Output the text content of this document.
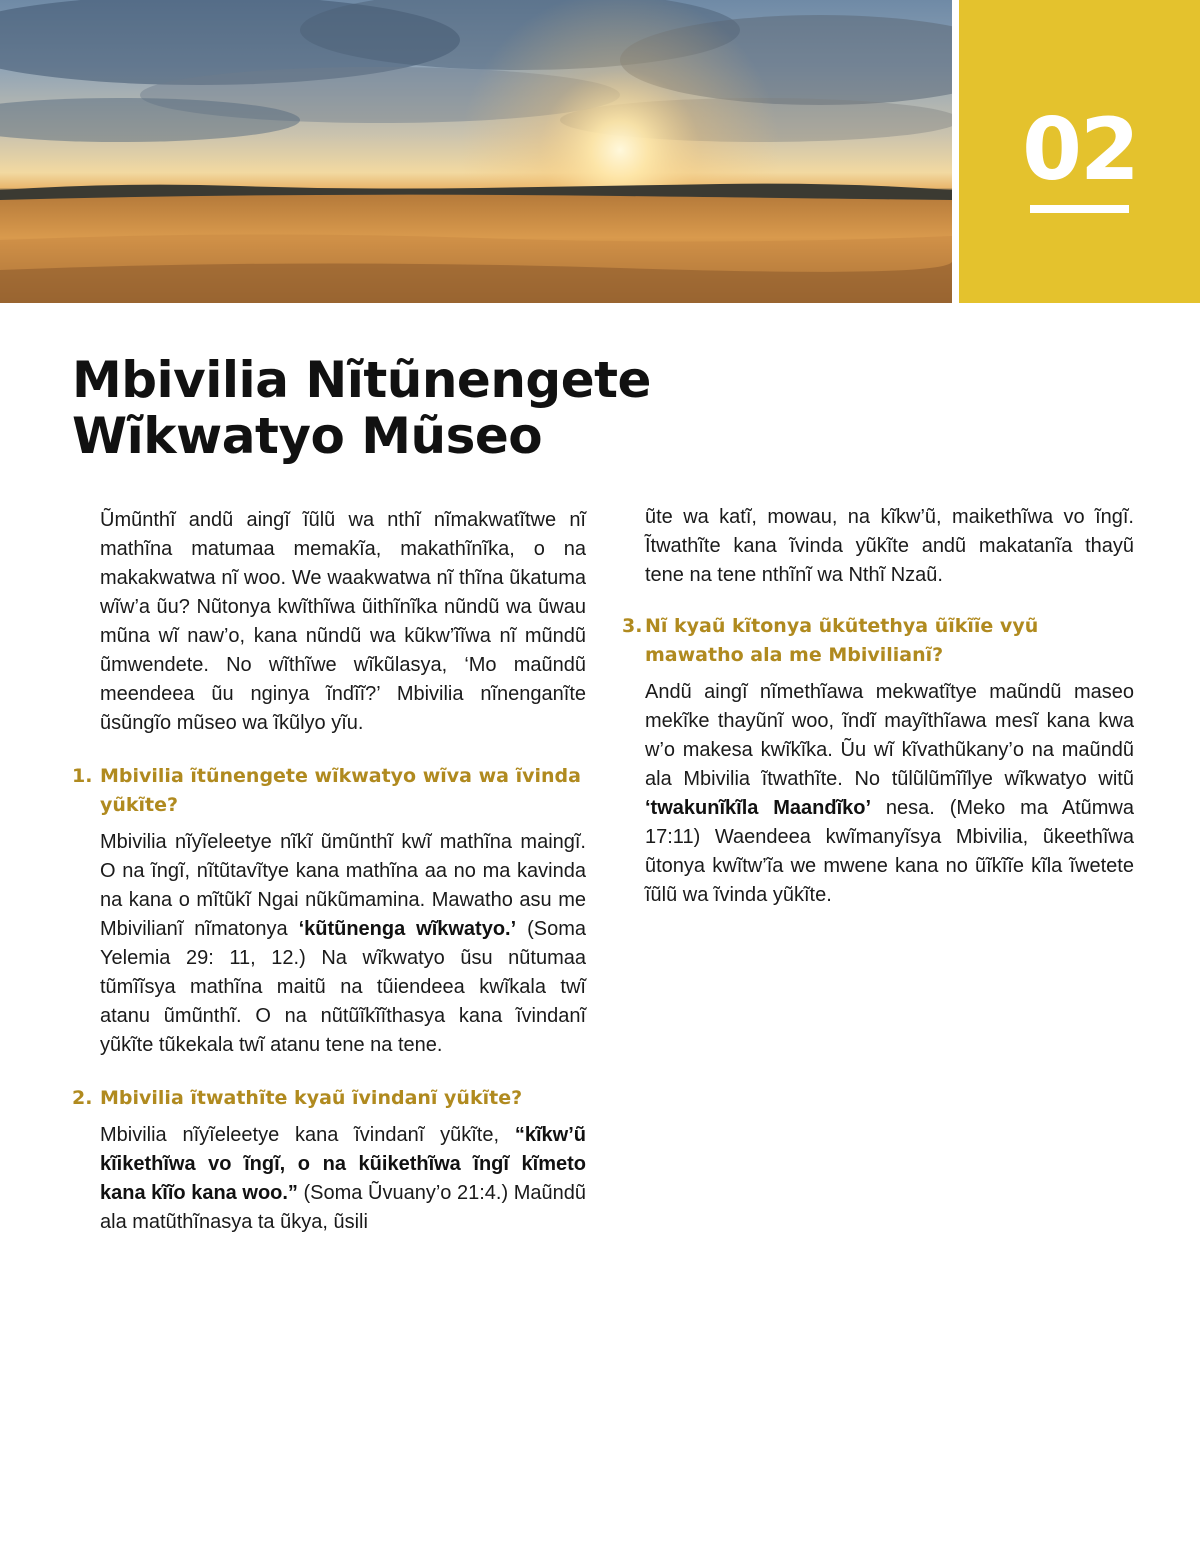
02
Mbivilia Nĩtũnengete
Wĩkwatyo Mũseo

Ũmũnthĩ andũ aingĩ ĩũlũ wa nthĩ nĩmakwatĩtwe nĩ mathĩna matumaa memakĩa, makathĩnĩka, o na makakwatwa nĩ woo. We waakwatwa nĩ thĩna ũkatuma wĩw’a ũu? Nũtonya kwĩthĩwa ũithĩnĩka nũndũ wa ũwau mũna wĩ naw’o, kana nũndũ wa kũkw’ĩĩwa nĩ mũndũ ũmwendete. No wĩthĩwe wĩkũlasya, ‘Mo maũndũ meendeea ũu nginya ĩndĩĩ?’ Mbivilia nĩnenganĩte ũsũngĩo mũseo wa ĩkũlyo yĩu.

1. Mbivilia ĩtũnengete wĩkwatyo wĩva wa ĩvinda yũkĩte?

Mbivilia nĩyĩeleetye nĩkĩ ũmũnthĩ kwĩ mathĩna maingĩ. O na ĩngĩ, nĩtũtavĩtye kana mathĩna aa no ma kavinda na kana o mĩtũkĩ Ngai nũkũmamina. Mawatho asu me Mbivilianĩ nĩmatonya ‘kũtũnenga wĩkwatyo.’ (Soma Yelemia 29: 11, 12.) Na wĩkwatyo ũsu nũtumaa tũmĩĩsya mathĩna maitũ na tũiendeea kwĩkala twĩ atanu ũmũnthĩ. O na nũtũĩkĩĩthasya kana ĩvindanĩ yũkĩte tũkekala twĩ atanu tene na tene.

2. Mbivilia ĩtwathĩte kyaũ ĩvindanĩ yũkĩte?

Mbivilia nĩyĩeleetye kana ĩvindanĩ yũkĩte, “kĩkw’ũ kĩikethĩwa vo ĩngĩ, o na kũikethĩwa ĩngĩ kĩmeto kana kĩĩo kana woo.” (Soma Ũvuany’o 21:4.) Maũndũ ala matũthĩnasya ta ũkya, ũsili

ũte wa katĩ, mowau, na kĩkw’ũ, maikethĩwa vo ĩngĩ. Ĩtwathĩte kana ĩvinda yũkĩte andũ makatanĩa thayũ tene na tene nthĩnĩ wa Nthĩ Nzaũ.

3. Nĩ kyaũ kĩtonya ũkũtethya ũĩkĩĩe vyũ mawatho ala me Mbivilianĩ?

Andũ aingĩ nĩmethĩawa mekwatĩtye maũndũ maseo mekĩke thayũnĩ woo, ĩndĩ mayĩthĩawa mesĩ kana kwa w’o makesa kwĩkĩka. Ũu wĩ kĩvathũkany’o na maũndũ ala Mbivilia ĩtwathĩte. No tũlũlũmĩĩlye wĩkwatyo witũ ‘twakunĩkĩla Maandĩko’ nesa. (Meko ma Atũmwa 17:11) Waendeea kwĩmanyĩsya Mbivilia, ũkeethĩwa ũtonya kwĩtw’ĩa we mwene kana no ũĩkĩĩe kĩla ĩwetete ĩũlũ wa ĩvinda yũkĩte.
